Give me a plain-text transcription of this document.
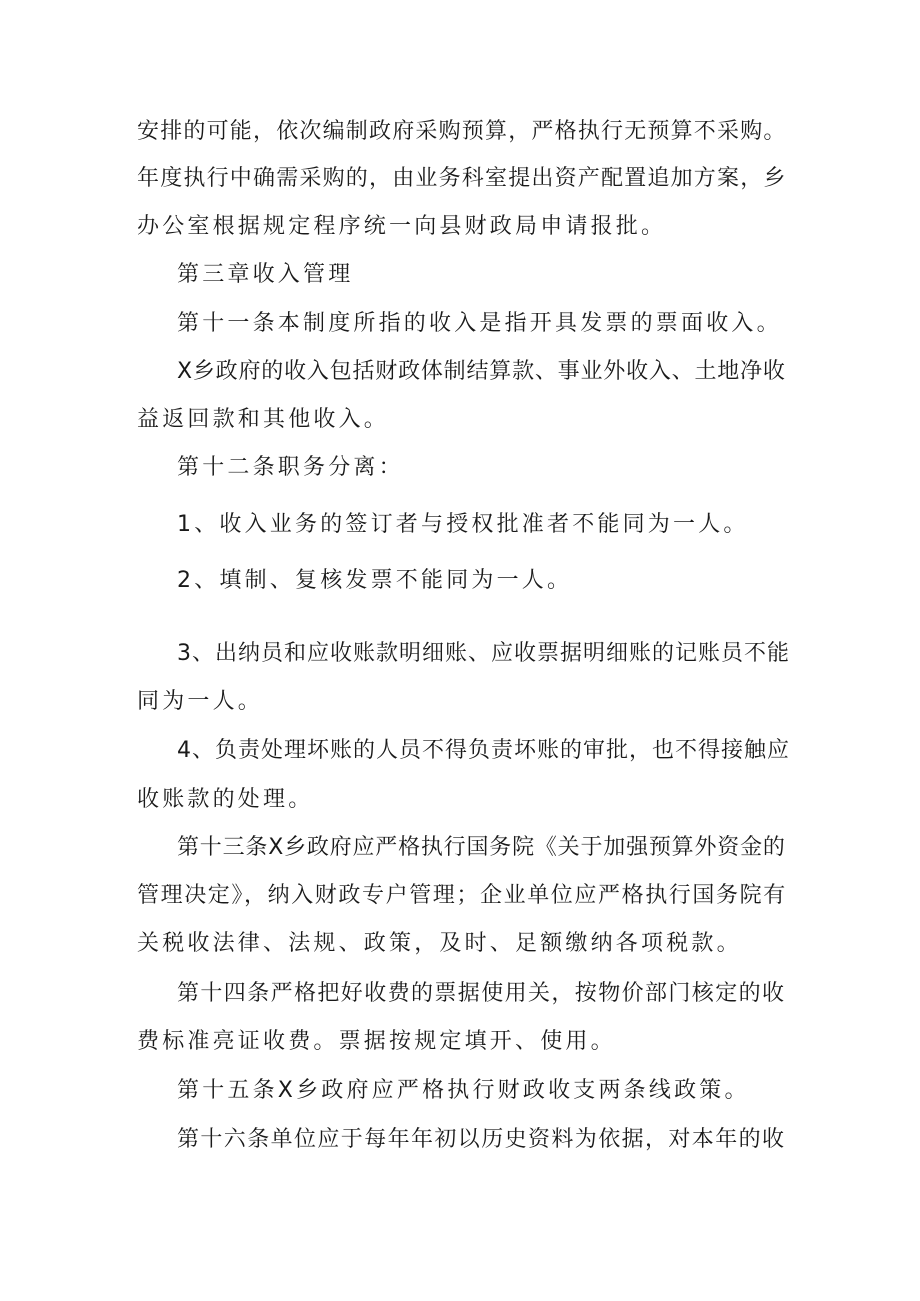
安排的可能，依次编制政府采购预算，严格执行无预算不采购。
年度执行中确需采购的，由业务科室提出资产配置追加方案，乡
办公室根据规定程序统一向县财政局申请报批。
第三章收入管理
第十一条本制度所指的收入是指开具发票的票面收入。
X乡政府的收入包括财政体制结算款、事业外收入、土地净收
益返回款和其他收入。
第十二条职务分离：
1、收入业务的签订者与授权批准者不能同为一人。
2、填制、复核发票不能同为一人。
3、出纳员和应收账款明细账、应收票据明细账的记账员不能
同为一人。
4、负责处理坏账的人员不得负责坏账的审批，也不得接触应
收账款的处理。
第十三条X乡政府应严格执行国务院《关于加强预算外资金的
管理决定》，纳入财政专户管理；企业单位应严格执行国务院有
关税收法律、法规、政策，及时、足额缴纳各项税款。
第十四条严格把好收费的票据使用关，按物价部门核定的收
费标准亮证收费。票据按规定填开、使用。
第十五条X乡政府应严格执行财政收支两条线政策。
第十六条单位应于每年年初以历史资料为依据，对本年的收
